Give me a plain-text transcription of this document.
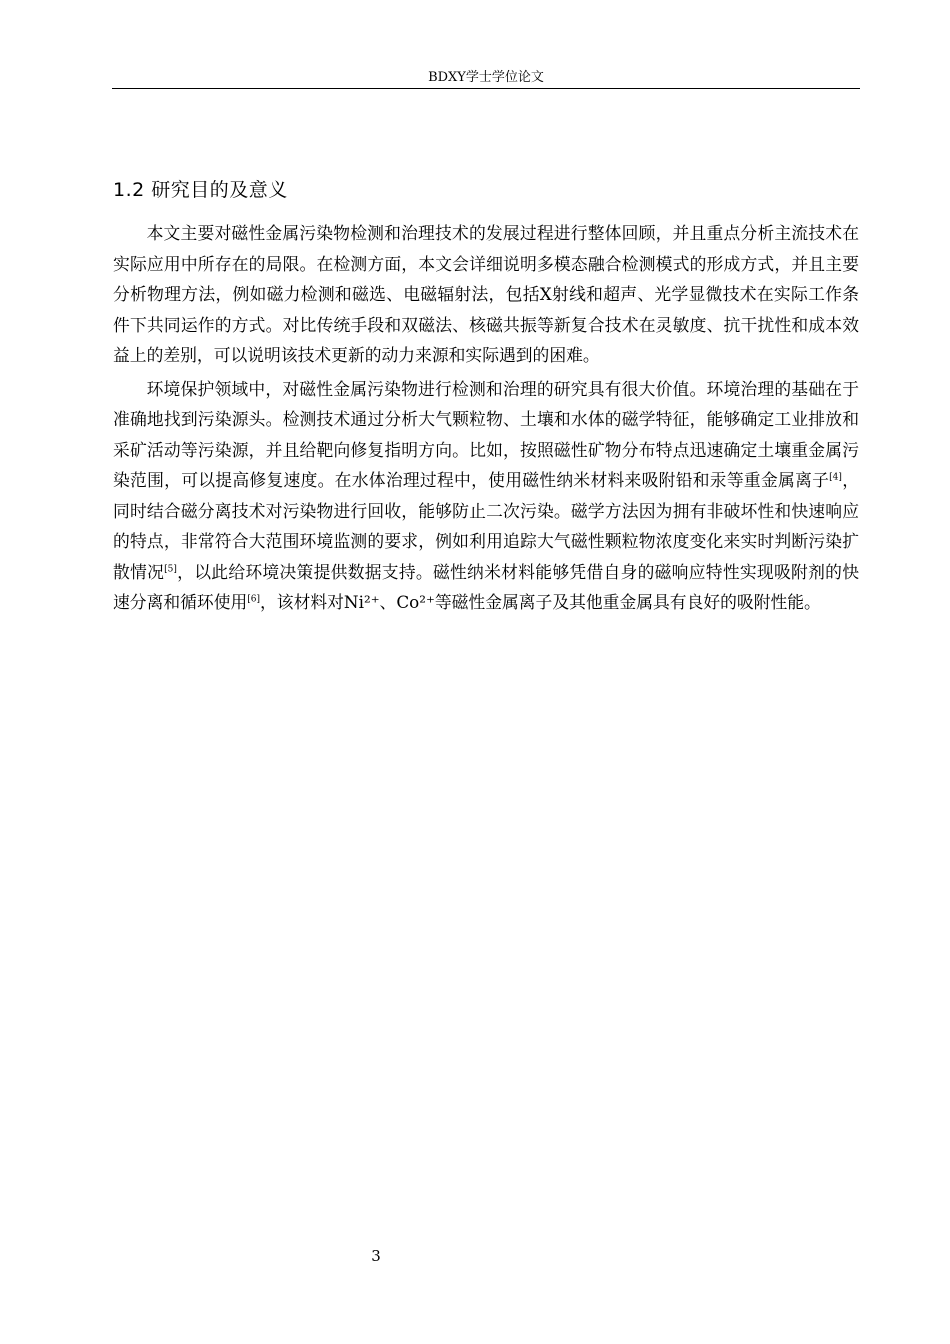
BDXY学士学位论文
1.2 研究目的及意义

本文主要对磁性金属污染物检测和治理技术的发展过程进行整体回顾，并且重点分析主流技术在实际应用中所存在的局限。在检测方面，本文会详细说明多模态融合检测模式的形成方式，并且主要分析物理方法，例如磁力检测和磁选、电磁辐射法，包括X射线和超声、光学显微技术在实际工作条件下共同运作的方式。对比传统手段和双磁法、核磁共振等新复合技术在灵敏度、抗干扰性和成本效益上的差别，可以说明该技术更新的动力来源和实际遇到的困难。

环境保护领域中，对磁性金属污染物进行检测和治理的研究具有很大价值。环境治理的基础在于准确地找到污染源头。检测技术通过分析大气颗粒物、土壤和水体的磁学特征，能够确定工业排放和采矿活动等污染源，并且给靶向修复指明方向。比如，按照磁性矿物分布特点迅速确定土壤重金属污染范围，可以提高修复速度。在水体治理过程中，使用磁性纳米材料来吸附铅和汞等重金属离子[4]，同时结合磁分离技术对污染物进行回收，能够防止二次污染。磁学方法因为拥有非破坏性和快速响应的特点，非常符合大范围环境监测的要求，例如利用追踪大气磁性颗粒物浓度变化来实时判断污染扩散情况[5]，以此给环境决策提供数据支持。磁性纳米材料能够凭借自身的磁响应特性实现吸附剂的快速分离和循环使用[6]，该材料对Ni²⁺、Co²⁺等磁性金属离子及其他重金属具有良好的吸附性能。

3
